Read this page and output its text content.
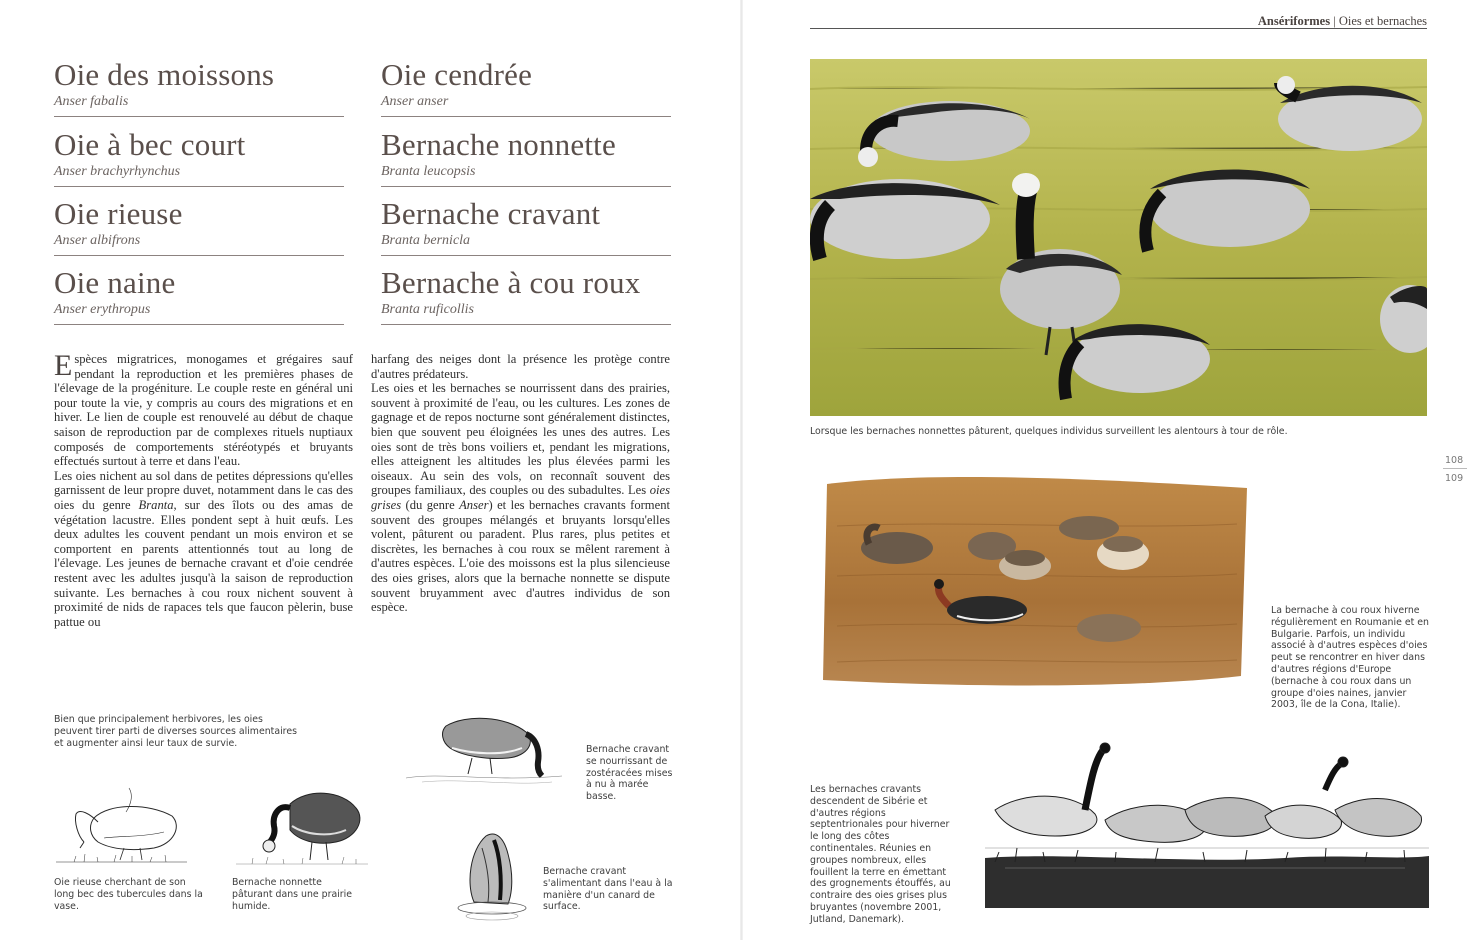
Oie des moissons
Anser fabalis
Oie à bec court
Anser brachyrhynchus
Oie rieuse
Anser albifrons
Oie naine
Anser erythropus
Oie cendrée
Anser anser
Bernache nonnette
Branta leucopsis
Bernache cravant
Branta bernicla
Bernache à cou roux
Branta ruficollis

Espèces migratrices, monogames et grégaires sauf pendant la reproduction et les premières phases de l'élevage de la progéniture. Le couple reste en général uni pour toute la vie, y compris au cours des migrations et en hiver. Le lien de couple est renouvelé au début de chaque saison de reproduction par de complexes rituels nuptiaux composés de comportements stéréotypés et bruyants effectués surtout à terre et dans l'eau.

Les oies nichent au sol dans de petites dépressions qu'elles garnissent de leur propre duvet, notamment dans le cas des oies du genre Branta, sur des îlots ou des amas de végétation lacustre. Elles pondent sept à huit œufs. Les deux adultes les couvent pendant un mois environ et se comportent en parents attentionnés tout au long de l'élevage. Les jeunes de bernache cravant et d'oie cendrée restent avec les adultes jusqu'à la saison de reproduction suivante. Les bernaches à cou roux nichent souvent à proximité de nids de rapaces tels que faucon pèlerin, buse pattue ou

harfang des neiges dont la présence les protège contre d'autres prédateurs.

Les oies et les bernaches se nourrissent dans des prairies, souvent à proximité de l'eau, ou les cultures. Les zones de gagnage et de repos nocturne sont généralement distinctes, bien que souvent peu éloignées les unes des autres. Les oies sont de très bons voiliers et, pendant les migrations, elles atteignent les altitudes les plus élevées parmi les oiseaux. Au sein des vols, on reconnaît souvent des groupes familiaux, des couples ou des subadultes. Les oies grises (du genre Anser) et les bernaches cravants forment souvent des groupes mélangés et bruyants lorsqu'elles volent, pâturent ou paradent. Plus rares, plus petites et discrètes, les bernaches à cou roux se mêlent rarement à d'autres espèces. L'oie des moissons est la plus silencieuse des oies grises, alors que la bernache nonnette se dispute souvent bruyamment avec d'autres individus de son espèce.

Bien que principalement herbivores, les oies peuvent tirer parti de diverses sources alimentaires et augmenter ainsi leur taux de survie.
Oie rieuse cherchant de son long bec des tubercules dans la vase.
Bernache nonnette pâturant dans une prairie humide.
Bernache cravant se nourrissant de zostéracées mises à nu à marée basse.
Bernache cravant s'alimentant dans l'eau à la manière d'un canard de surface.
Ansériformes | Oies et bernaches
Lorsque les bernaches nonnettes pâturent, quelques individus surveillent les alentours à tour de rôle.
108
109
La bernache à cou roux hiverne régulièrement en Roumanie et en Bulgarie. Parfois, un individu associé à d'autres espèces d'oies peut se rencontrer en hiver dans d'autres régions d'Europe (bernache à cou roux dans un groupe d'oies naines, janvier 2003, île de la Cona, Italie).
Les bernaches cravants descendent de Sibérie et d'autres régions septentrionales pour hiverner le long des côtes continentales. Réunies en groupes nombreux, elles fouillent la terre en émettant des grognements étouffés, au contraire des oies grises plus bruyantes (novembre 2001, Jutland, Danemark).
